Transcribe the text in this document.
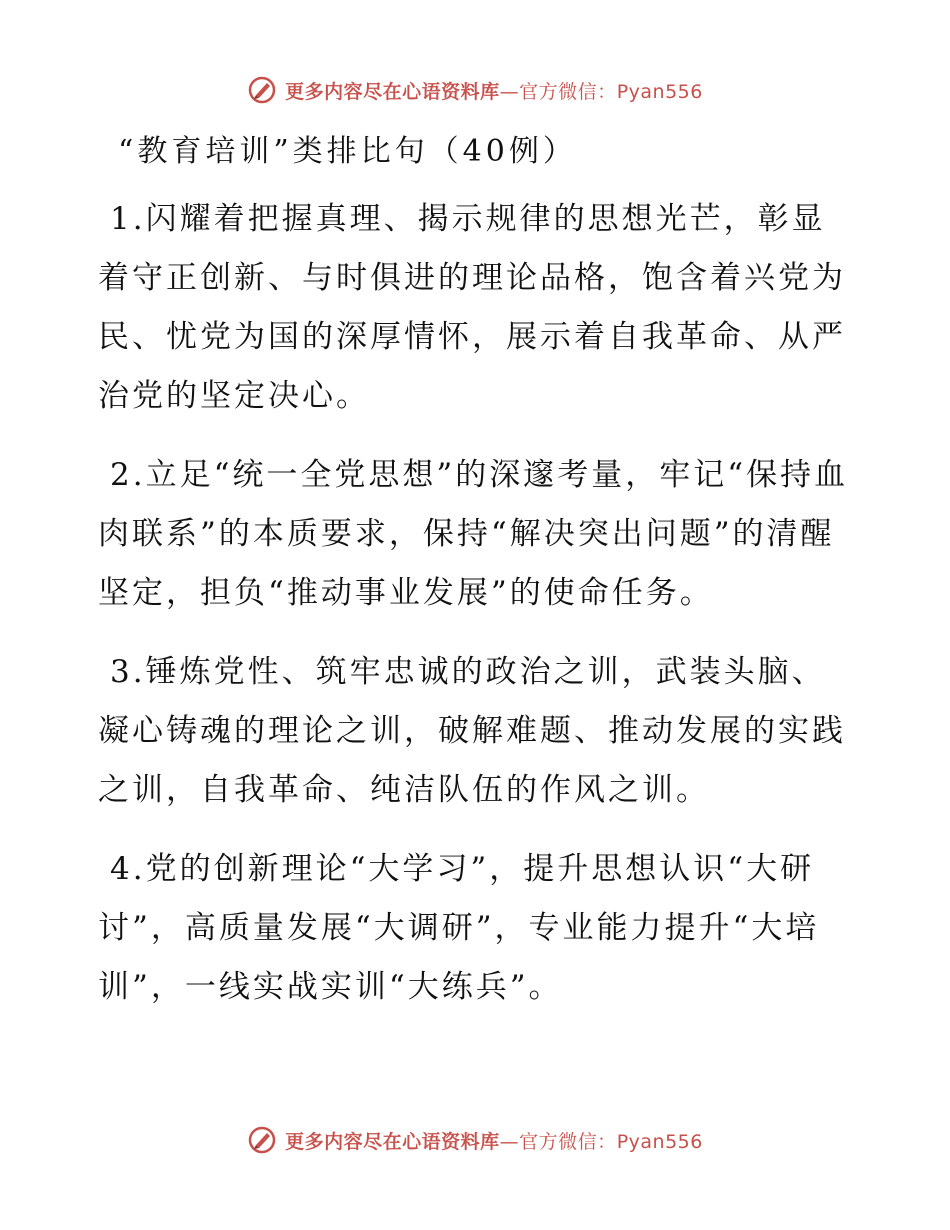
更多内容尽在心语资料库—官方微信：Pyan556
“教育培训”类排比句（40例）

1.闪耀着把握真理、揭示规律的思想光芒，彰显着守正创新、与时俱进的理论品格，饱含着兴党为民、忧党为国的深厚情怀，展示着自我革命、从严治党的坚定决心。

2.立足“统一全党思想”的深邃考量，牢记“保持血肉联系”的本质要求，保持“解决突出问题”的清醒坚定，担负“推动事业发展”的使命任务。

3.锤炼党性、筑牢忠诚的政治之训，武装头脑、凝心铸魂的理论之训，破解难题、推动发展的实践之训，自我革命、纯洁队伍的作风之训。

4.党的创新理论“大学习”，提升思想认识“大研讨”，高质量发展“大调研”，专业能力提升“大培训”，一线实战实训“大练兵”。

更多内容尽在心语资料库—官方微信：Pyan556
